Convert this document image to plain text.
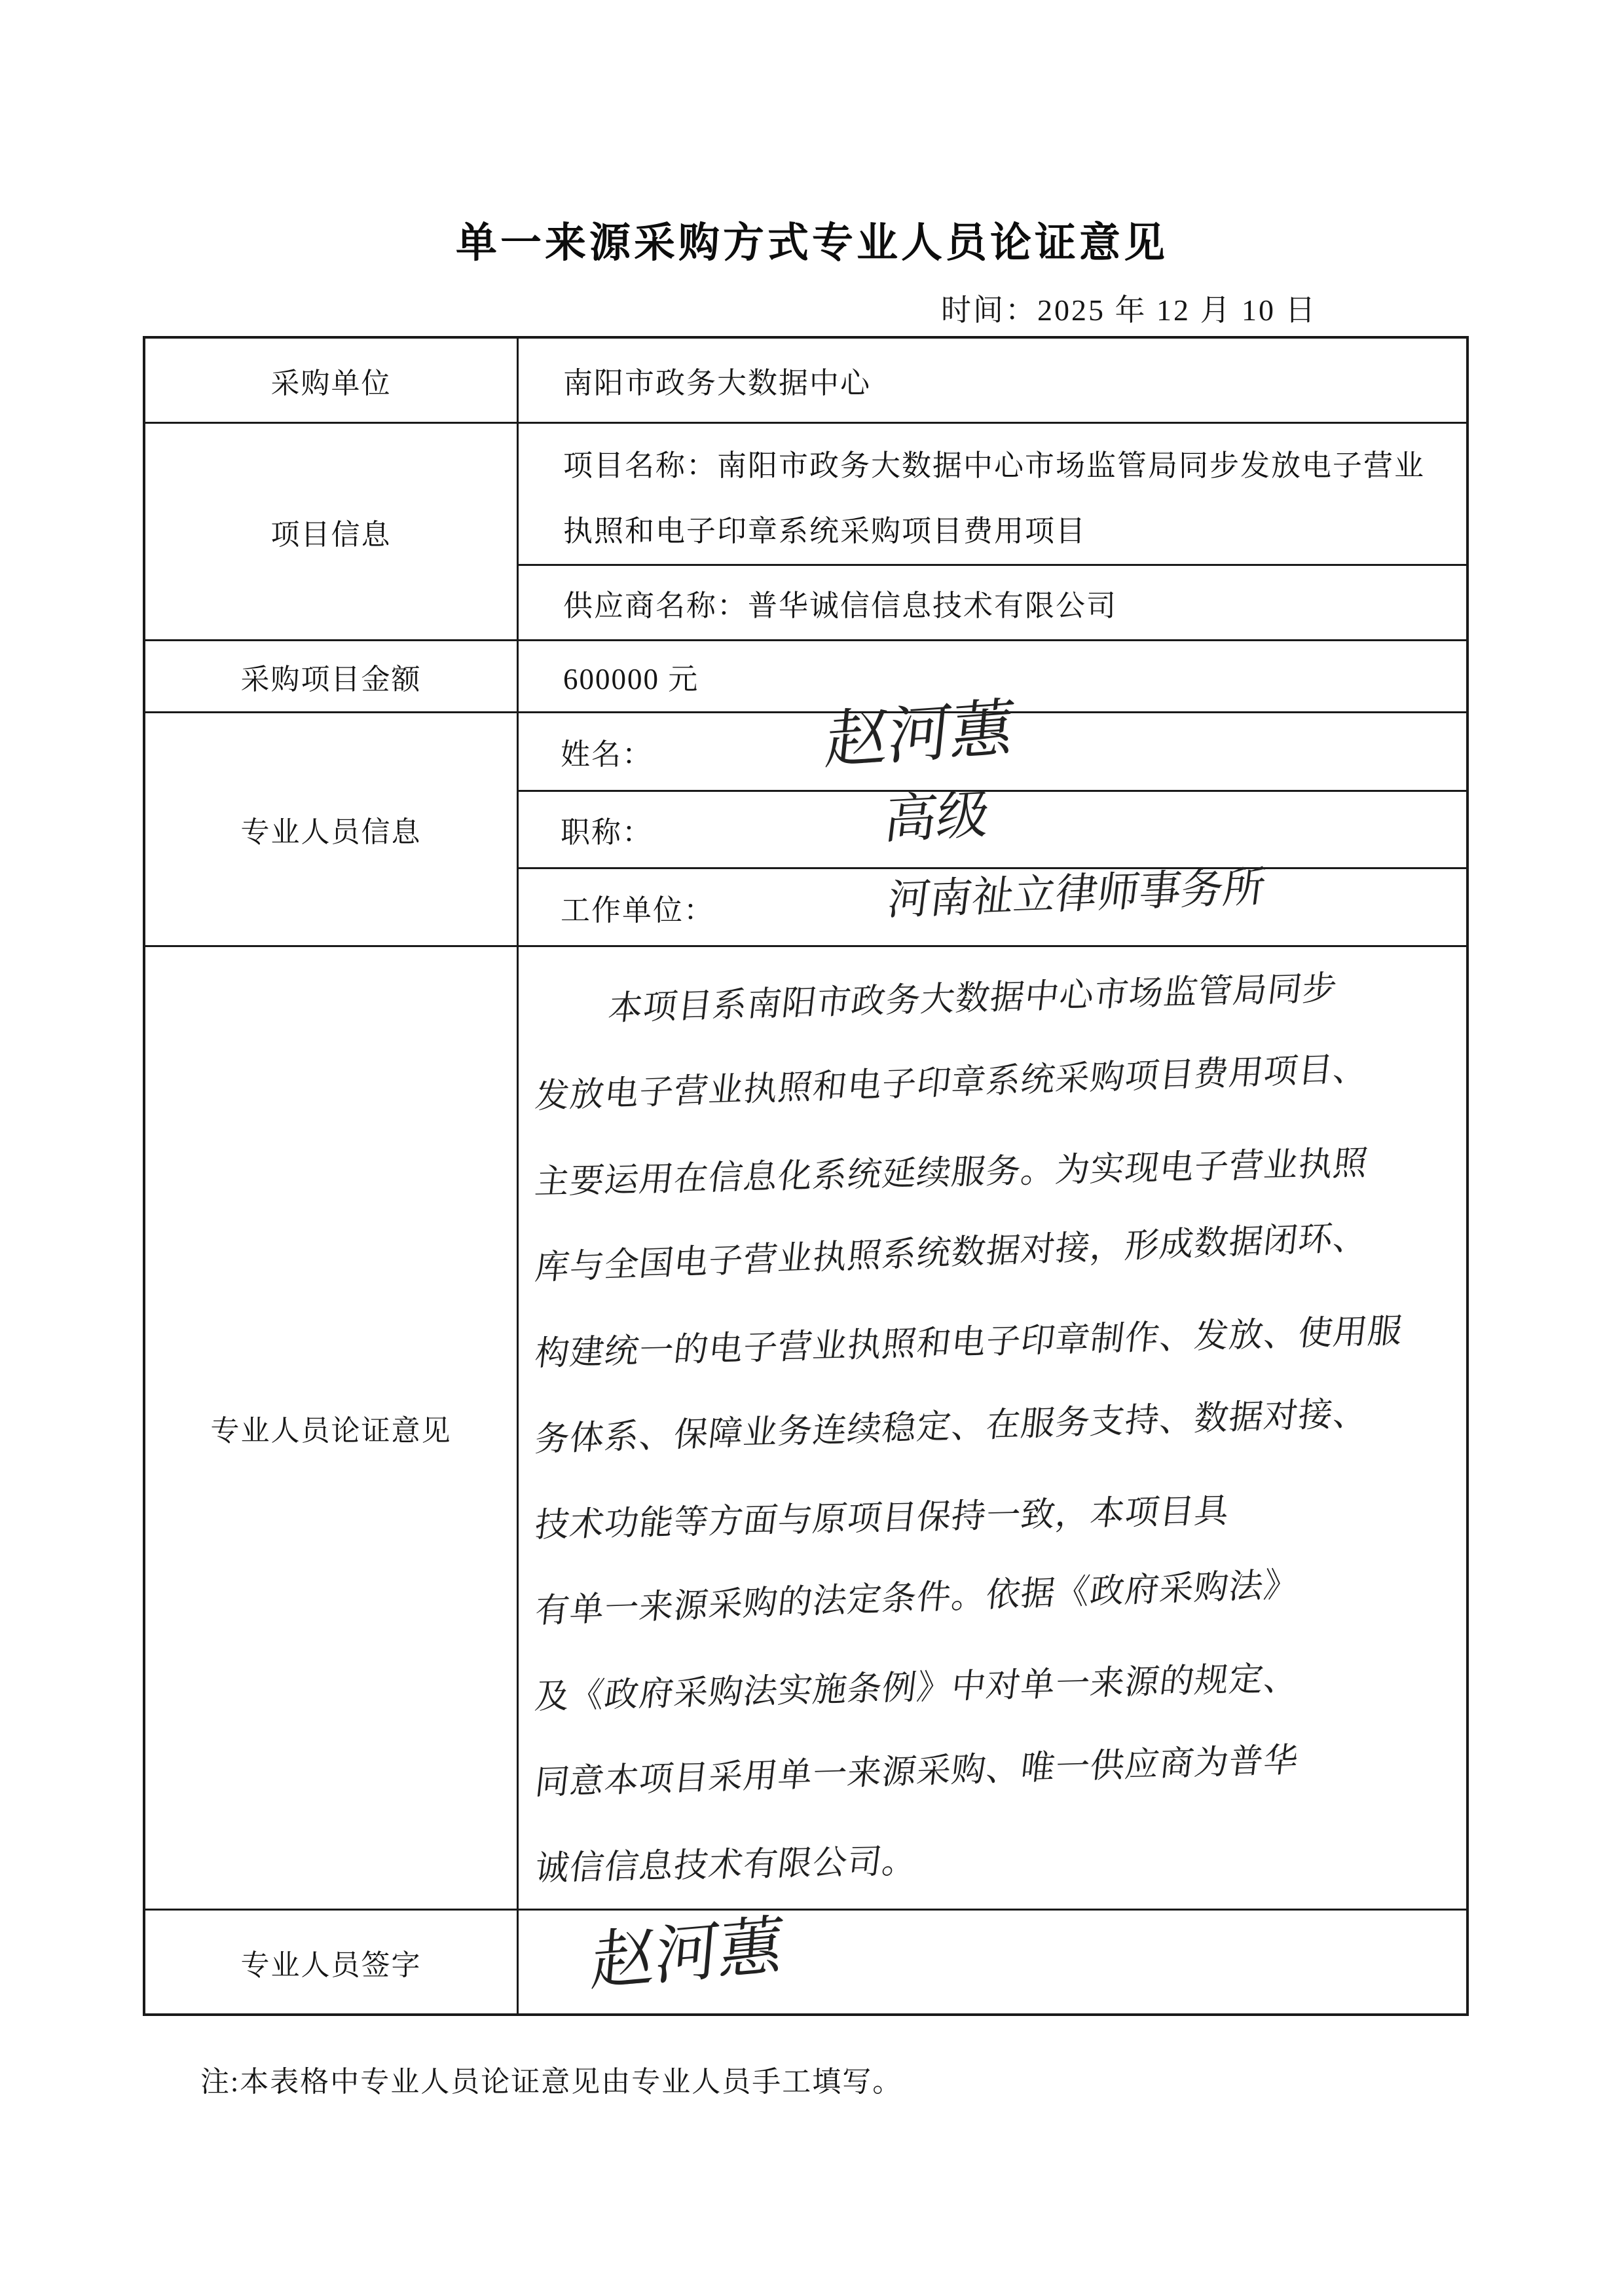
单一来源采购方式专业人员论证意见
时间：2025 年 12 月 10 日
采购单位	南阳市政务大数据中心
项目信息
项目名称：南阳市政务大数据中心市场监管局同步发放电子营业
执照和电子印章系统采购项目费用项目
供应商名称：普华诚信信息技术有限公司
采购项目金额	600000 元
专业人员信息
姓名：	赵河蕙
职称：	高级
工作单位：	河南祉立律师事务所
专业人员论证意见
本项目系南阳市政务大数据中心市场监管局同步
发放电子营业执照和电子印章系统采购项目费用项目、
主要运用在信息化系统延续服务。为实现电子营业执照
库与全国电子营业执照系统数据对接，形成数据闭环、
构建统一的电子营业执照和电子印章制作、发放、使用服
务体系、保障业务连续稳定、在服务支持、数据对接、
技术功能等方面与原项目保持一致，本项目具
有单一来源采购的法定条件。依据《政府采购法》
及《政府采购法实施条例》中对单一来源的规定、
同意本项目采用单一来源采购、唯一供应商为普华
诚信信息技术有限公司。
专业人员签字	赵河蕙
注:本表格中专业人员论证意见由专业人员手工填写。
